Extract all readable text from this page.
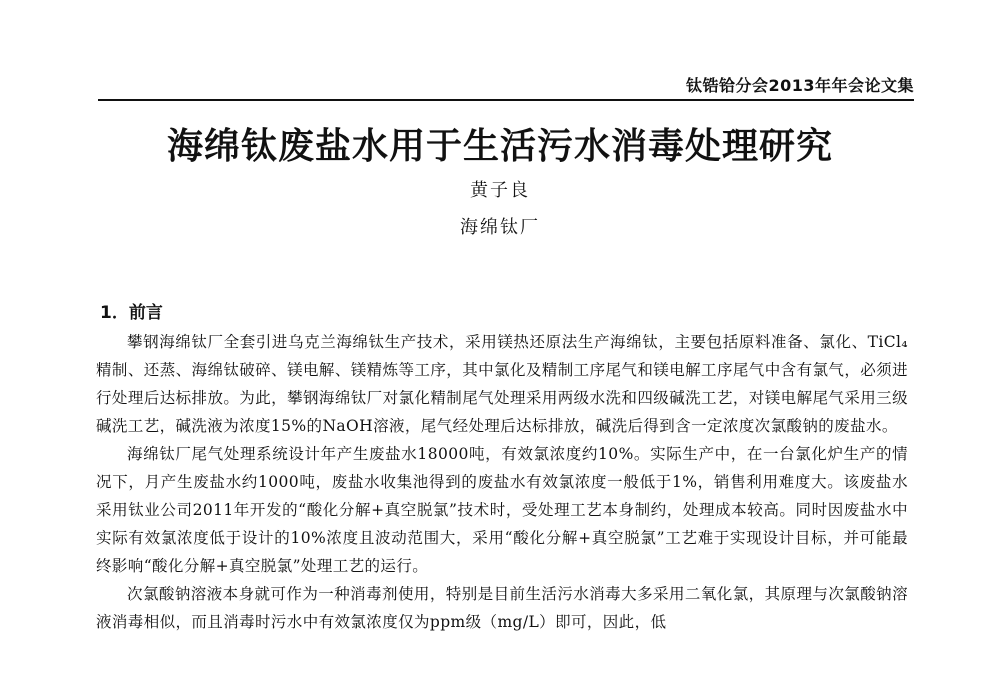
钛锆铪分会2013年年会论文集
海绵钛废盐水用于生活污水消毒处理研究
黄子良
海绵钛厂
1．前言

攀钢海绵钛厂全套引进乌克兰海绵钛生产技术，采用镁热还原法生产海绵钛，主要包括原料准备、氯化、TiCl₄精制、还蒸、海绵钛破碎、镁电解、镁精炼等工序，其中氯化及精制工序尾气和镁电解工序尾气中含有氯气，必须进行处理后达标排放。为此，攀钢海绵钛厂对氯化精制尾气处理采用两级水洗和四级碱洗工艺，对镁电解尾气采用三级碱洗工艺，碱洗液为浓度15%的NaOH溶液，尾气经处理后达标排放，碱洗后得到含一定浓度次氯酸钠的废盐水。

海绵钛厂尾气处理系统设计年产生废盐水18000吨，有效氯浓度约10%。实际生产中，在一台氯化炉生产的情况下，月产生废盐水约1000吨，废盐水收集池得到的废盐水有效氯浓度一般低于1%，销售利用难度大。该废盐水采用钛业公司2011年开发的“酸化分解+真空脱氯”技术时，受处理工艺本身制约，处理成本较高。同时因废盐水中实际有效氯浓度低于设计的10%浓度且波动范围大，采用“酸化分解+真空脱氯”工艺难于实现设计目标，并可能最终影响“酸化分解+真空脱氯”处理工艺的运行。

次氯酸钠溶液本身就可作为一种消毒剂使用，特别是目前生活污水消毒大多采用二氧化氯，其原理与次氯酸钠溶液消毒相似，而且消毒时污水中有效氯浓度仅为ppm级（mg/L）即可，因此，低
